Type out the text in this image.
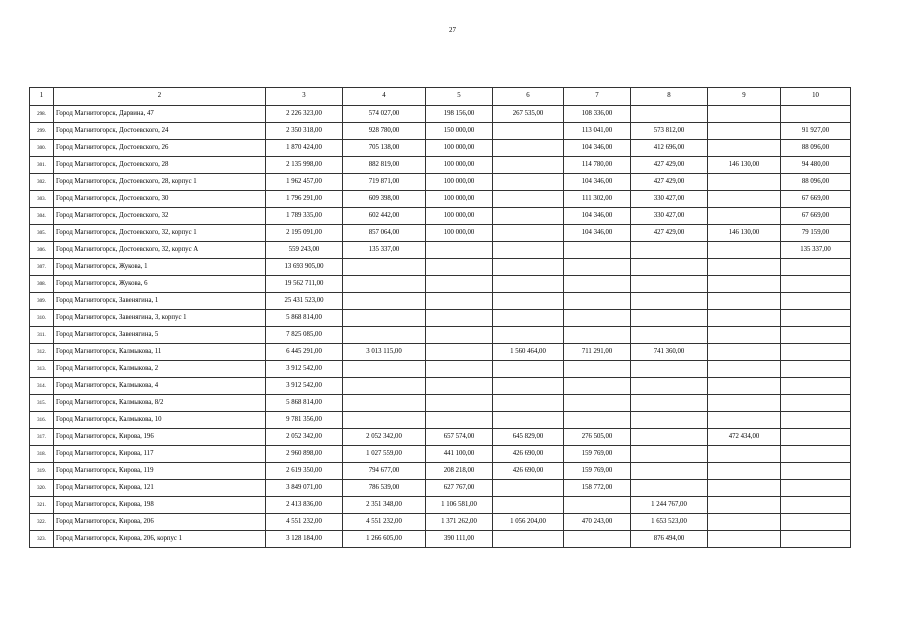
27
1	2	3	4	5	6	7	8	9	10
298.	Город Магнитогорск, Дарвина, 47	2 226 323,00	574 027,00	198 156,00	267 535,00	108 336,00			
299.	Город Магнитогорск, Достоевского, 24	2 350 318,00	928 780,00	150 000,00		113 041,00	573 812,00		91 927,00
300.	Город Магнитогорск, Достоевского, 26	1 870 424,00	705 138,00	100 000,00		104 346,00	412 696,00		88 096,00
301.	Город Магнитогорск, Достоевского, 28	2 135 998,00	882 819,00	100 000,00		114 780,00	427 429,00	146 130,00	94 480,00
302.	Город Магнитогорск, Достоевского, 28, корпус 1	1 962 457,00	719 871,00	100 000,00		104 346,00	427 429,00		88 096,00
303.	Город Магнитогорск, Достоевского, 30	1 796 291,00	609 398,00	100 000,00		111 302,00	330 427,00		67 669,00
304.	Город Магнитогорск, Достоевского, 32	1 789 335,00	602 442,00	100 000,00		104 346,00	330 427,00		67 669,00
305.	Город Магнитогорск, Достоевского, 32, корпус 1	2 195 091,00	857 064,00	100 000,00		104 346,00	427 429,00	146 130,00	79 159,00
306.	Город Магнитогорск, Достоевского, 32, корпус А	559 243,00	135 337,00						135 337,00
307.	Город Магнитогорск, Жукова, 1	13 693 905,00							
308.	Город Магнитогорск, Жукова, 6	19 562 711,00							
309.	Город Магнитогорск, Завенягина, 1	25 431 523,00							
310.	Город Магнитогорск, Завенягина, 3, корпус 1	5 868 814,00							
311.	Город Магнитогорск, Завенягина, 5	7 825 085,00							
312.	Город Магнитогорск, Калмыкова, 11	6 445 291,00	3 013 115,00		1 560 464,00	711 291,00	741 360,00		
313.	Город Магнитогорск, Калмыкова, 2	3 912 542,00							
314.	Город Магнитогорск, Калмыкова, 4	3 912 542,00							
315.	Город Магнитогорск, Калмыкова, 8/2	5 868 814,00							
316.	Город Магнитогорск, Калмыкова, 10	9 781 356,00							
317.	Город Магнитогорск, Кирова, 196	2 052 342,00	2 052 342,00	657 574,00	645 829,00	276 505,00		472 434,00	
318.	Город Магнитогорск, Кирова, 117	2 960 898,00	1 027 559,00	441 100,00	426 690,00	159 769,00			
319.	Город Магнитогорск, Кирова, 119	2 619 350,00	794 677,00	208 218,00	426 690,00	159 769,00			
320.	Город Магнитогорск, Кирова, 121	3 849 071,00	786 539,00	627 767,00		158 772,00			
321.	Город Магнитогорск, Кирова, 198	2 413 836,00	2 351 348,00	1 106 581,00			1 244 767,00		
322.	Город Магнитогорск, Кирова, 206	4 551 232,00	4 551 232,00	1 371 262,00	1 056 204,00	470 243,00	1 653 523,00		
323.	Город Магнитогорск, Кирова, 206, корпус 1	3 128 184,00	1 266 605,00	390 111,00			876 494,00		
